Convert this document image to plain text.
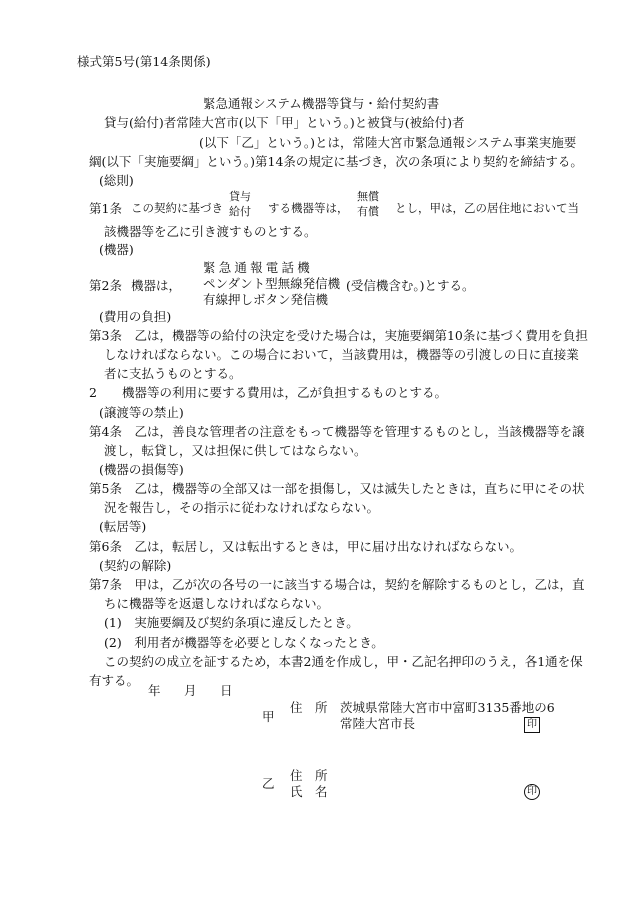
様式第5号(第14条関係)
緊急通報システム機器等貸与・給付契約書
貸与(給付)者常陸大宮市(以下「甲」という。)と被貸与(被給付)者
(以下「乙」という。)とは，常陸大宮市緊急通報システム事業実施要
綱(以下「実施要綱」という。)第14条の規定に基づき，次の条項により契約を締結する。
(総則)
第1条 この契約に基づき
貸与
給付 する機器等は，
無償
有償 とし，甲は，乙の居住地において当
該機器等を乙に引き渡すものとする。
(機器)
第2条 機器は，
緊急通報電話機
ペンダント型無線発信機
有線押しボタン発信機
(受信機含む。)とする。
(費用の負担)
第3条　乙は，機器等の給付の決定を受けた場合は，実施要綱第10条に基づく費用を負担
しなければならない。この場合において，当該費用は，機器等の引渡しの日に直接業
者に支払うものとする。
2　　機器等の利用に要する費用は，乙が負担するものとする。
(譲渡等の禁止)
第4条　乙は，善良な管理者の注意をもって機器等を管理するものとし，当該機器等を譲
渡し，転貸し，又は担保に供してはならない。
(機器の損傷等)
第5条　乙は，機器等の全部又は一部を損傷し，又は滅失したときは，直ちに甲にその状
況を報告し，その指示に従わなければならない。
(転居等)
第6条　乙は，転居し，又は転出するときは，甲に届け出なければならない。
(契約の解除)
第7条　甲は，乙が次の各号の一に該当する場合は，契約を解除するものとし，乙は，直
ちに機器等を返還しなければならない。
(1)　実施要綱及び契約条項に違反したとき。
(2)　利用者が機器等を必要としなくなったとき。
この契約の成立を証するため，本書2通を作成し，甲・乙記名押印のうえ，各1通を保
有する。
年 月 日
甲
住　所 茨城県常陸大宮市中富町3135番地の6
常陸大宮市長	印
乙
住　所
氏　名	印
